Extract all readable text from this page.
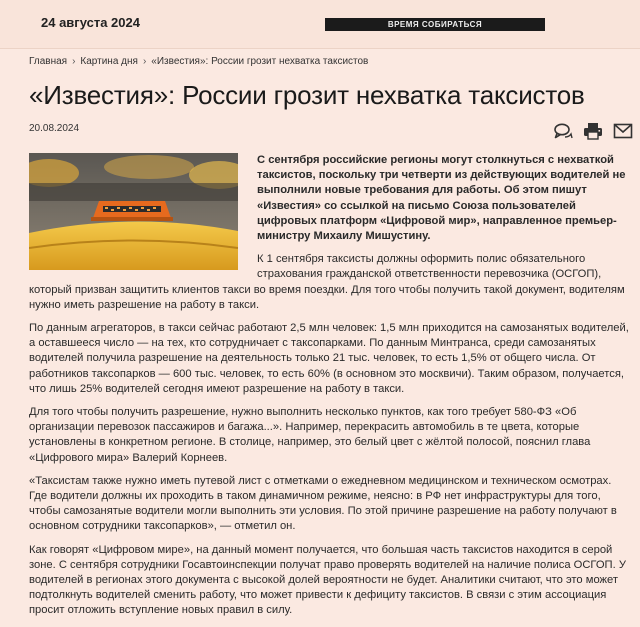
24 августа 2024	ВРЕМЯ СОБИРАТЬСЯ
Главная › Картина дня › «Известия»: России грозит нехватка таксистов
«Известия»: России грозит нехватка таксистов
20.08.2024

С сентября российские регионы могут столкнуться с нехваткой таксистов, поскольку три четверти из действующих водителей не выполнили новые требования для работы. Об этом пишут «Известия» со ссылкой на письмо Союза пользователей цифровых платформ «Цифровой мир», направленное премьер-министру Михаилу Мишустину.

К 1 сентября таксисты должны оформить полис обязательного страхования гражданской ответственности перевозчика (ОСГОП), который призван защитить клиентов такси во время поездки. Для того чтобы получить такой документ, водителям нужно иметь разрешение на работу в такси.

По данным агрегаторов, в такси сейчас работают 2,5 млн человек: 1,5 млн приходится на самозанятых водителей, а оставшееся число — на тех, кто сотрудничает с таксопарками. По данным Минтранса, среди самозанятых водителей получила разрешение на деятельность только 21 тыс. человек, то есть 1,5% от общего числа. От работников таксопарков — 600 тыс. человек, то есть 60% (в основном это москвичи). Таким образом, получается, что лишь 25% водителей сегодня имеют разрешение на работу в такси.

Для того чтобы получить разрешение, нужно выполнить несколько пунктов, как того требует 580-ФЗ «Об организации перевозок пассажиров и багажа...». Например, перекрасить автомобиль в те цвета, которые установлены в конкретном регионе. В столице, например, это белый цвет с жёлтой полосой, пояснил глава «Цифрового мира» Валерий Корнеев.

«Таксистам также нужно иметь путевой лист с отметками о ежедневном медицинском и техническом осмотрах. Где водители должны их проходить в таком динамичном режиме, неясно: в РФ нет инфраструктуры для того, чтобы самозанятые водители могли выполнить эти условия. По этой причине разрешение на работу получают в основном сотрудники таксопарков», — отметил он.

Как говорят «Цифровом мире», на данный момент получается, что большая часть таксистов находится в серой зоне. С сентября сотрудники Госавтоинспекции получат право проверять водителей на наличие полиса ОСГОП. У водителей в регионах этого документа с высокой долей вероятности не будет. Аналитики считают, что это может подтолкнуть водителей сменить работу, что может привести к дефициту таксистов. В связи с этим ассоциация просит отложить вступление новых правил в силу.
